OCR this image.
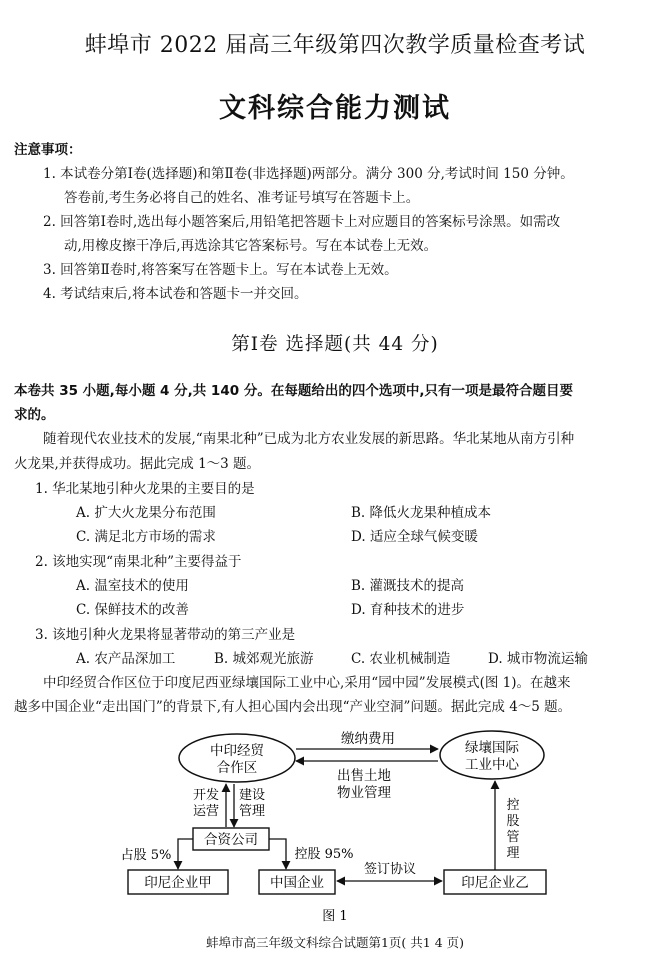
蚌埠市 2022 届高三年级第四次教学质量检查考试
文科综合能力测试
注意事项：
1. 本试卷分第Ⅰ卷(选择题)和第Ⅱ卷(非选择题)两部分。满分 300 分,考试时间 150 分钟。
答卷前,考生务必将自己的姓名、准考证号填写在答题卡上。
2. 回答第Ⅰ卷时,选出每小题答案后,用铅笔把答题卡上对应题目的答案标号涂黑。如需改
动,用橡皮擦干净后,再选涂其它答案标号。写在本试卷上无效。
3. 回答第Ⅱ卷时,将答案写在答题卡上。写在本试卷上无效。
4. 考试结束后,将本试卷和答题卡一并交回。
第Ⅰ卷 选择题(共 44 分)
本卷共 35 小题,每小题 4 分,共 140 分。在每题给出的四个选项中,只有一项是最符合题目要
求的。
随着现代农业技术的发展,“南果北种”已成为北方农业发展的新思路。华北某地从南方引种
火龙果,并获得成功。据此完成 1～3 题。
1. 华北某地引种火龙果的主要目的是
A. 扩大火龙果分布范围	B. 降低火龙果种植成本
C. 满足北方市场的需求	D. 适应全球气候变暖
2. 该地实现“南果北种”主要得益于
A. 温室技术的使用	B. 灌溉技术的提高
C. 保鲜技术的改善	D. 育种技术的进步
3. 该地引种火龙果将显著带动的第三产业是
A. 农产品深加工	B. 城郊观光旅游	C. 农业机械制造	D. 城市物流运输
中印经贸合作区位于印度尼西亚绿壤国际工业中心,采用“园中园”发展模式(图 1)。在越来
越多中国企业“走出国门”的背景下,有人担心国内会出现“产业空洞”问题。据此完成 4～5 题。
中印经贸
合作区
绿壤国际
工业中心
缴纳费用
出售土地
物业管理
开发
运营
建设
管理
合资公司
占股 5%	控股 95%
印尼企业甲	中国企业	印尼企业乙
签订协议
控
股
管
理
图 1
蚌埠市高三年级文科综合试题第1页( 共1 4 页)
